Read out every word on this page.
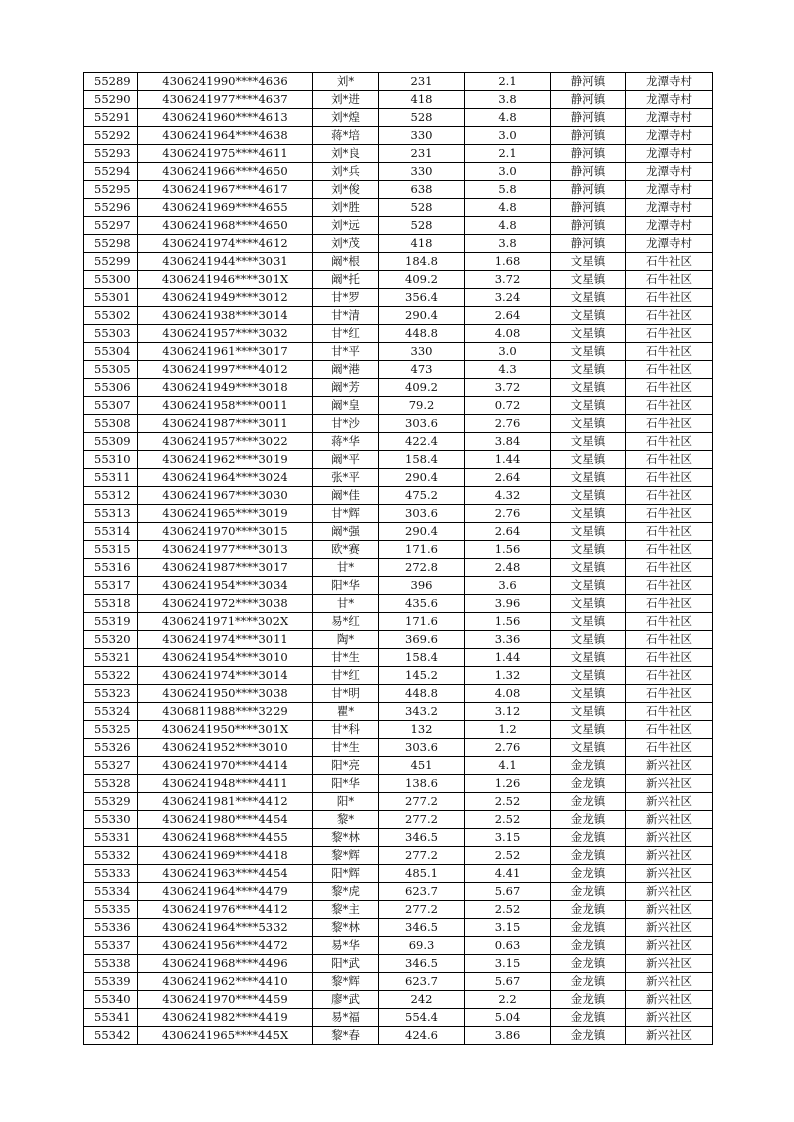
55289	4306241990****4636	刘*	231	2.1	静河镇	龙潭寺村
55290	4306241977****4637	刘*进	418	3.8	静河镇	龙潭寺村
55291	4306241960****4613	刘*煌	528	4.8	静河镇	龙潭寺村
55292	4306241964****4638	蒋*培	330	3.0	静河镇	龙潭寺村
55293	4306241975****4611	刘*良	231	2.1	静河镇	龙潭寺村
55294	4306241966****4650	刘*兵	330	3.0	静河镇	龙潭寺村
55295	4306241967****4617	刘*俊	638	5.8	静河镇	龙潭寺村
55296	4306241969****4655	刘*胜	528	4.8	静河镇	龙潭寺村
55297	4306241968****4650	刘*远	528	4.8	静河镇	龙潭寺村
55298	4306241974****4612	刘*茂	418	3.8	静河镇	龙潭寺村
55299	4306241944****3031	阚*根	184.8	1.68	文星镇	石牛社区
55300	4306241946****301X	阚*托	409.2	3.72	文星镇	石牛社区
55301	4306241949****3012	甘*罗	356.4	3.24	文星镇	石牛社区
55302	4306241938****3014	甘*清	290.4	2.64	文星镇	石牛社区
55303	4306241957****3032	甘*红	448.8	4.08	文星镇	石牛社区
55304	4306241961****3017	甘*平	330	3.0	文星镇	石牛社区
55305	4306241997****4012	阚*港	473	4.3	文星镇	石牛社区
55306	4306241949****3018	阚*芳	409.2	3.72	文星镇	石牛社区
55307	4306241958****0011	阚*皇	79.2	0.72	文星镇	石牛社区
55308	4306241987****3011	甘*沙	303.6	2.76	文星镇	石牛社区
55309	4306241957****3022	蒋*华	422.4	3.84	文星镇	石牛社区
55310	4306241962****3019	阚*平	158.4	1.44	文星镇	石牛社区
55311	4306241964****3024	张*平	290.4	2.64	文星镇	石牛社区
55312	4306241967****3030	阚*佳	475.2	4.32	文星镇	石牛社区
55313	4306241965****3019	甘*辉	303.6	2.76	文星镇	石牛社区
55314	4306241970****3015	阚*强	290.4	2.64	文星镇	石牛社区
55315	4306241977****3013	欧*赛	171.6	1.56	文星镇	石牛社区
55316	4306241987****3017	甘*	272.8	2.48	文星镇	石牛社区
55317	4306241954****3034	阳*华	396	3.6	文星镇	石牛社区
55318	4306241972****3038	甘*	435.6	3.96	文星镇	石牛社区
55319	4306241971****302X	易*红	171.6	1.56	文星镇	石牛社区
55320	4306241974****3011	陶*	369.6	3.36	文星镇	石牛社区
55321	4306241954****3010	甘*生	158.4	1.44	文星镇	石牛社区
55322	4306241974****3014	甘*红	145.2	1.32	文星镇	石牛社区
55323	4306241950****3038	甘*明	448.8	4.08	文星镇	石牛社区
55324	4306811988****3229	瞿*	343.2	3.12	文星镇	石牛社区
55325	4306241950****301X	甘*科	132	1.2	文星镇	石牛社区
55326	4306241952****3010	甘*生	303.6	2.76	文星镇	石牛社区
55327	4306241970****4414	阳*亮	451	4.1	金龙镇	新兴社区
55328	4306241948****4411	阳*华	138.6	1.26	金龙镇	新兴社区
55329	4306241981****4412	阳*	277.2	2.52	金龙镇	新兴社区
55330	4306241980****4454	黎*	277.2	2.52	金龙镇	新兴社区
55331	4306241968****4455	黎*林	346.5	3.15	金龙镇	新兴社区
55332	4306241969****4418	黎*辉	277.2	2.52	金龙镇	新兴社区
55333	4306241963****4454	阳*辉	485.1	4.41	金龙镇	新兴社区
55334	4306241964****4479	黎*虎	623.7	5.67	金龙镇	新兴社区
55335	4306241976****4412	黎*主	277.2	2.52	金龙镇	新兴社区
55336	4306241964****5332	黎*林	346.5	3.15	金龙镇	新兴社区
55337	4306241956****4472	易*华	69.3	0.63	金龙镇	新兴社区
55338	4306241968****4496	阳*武	346.5	3.15	金龙镇	新兴社区
55339	4306241962****4410	黎*辉	623.7	5.67	金龙镇	新兴社区
55340	4306241970****4459	廖*武	242	2.2	金龙镇	新兴社区
55341	4306241982****4419	易*福	554.4	5.04	金龙镇	新兴社区
55342	4306241965****445X	黎*春	424.6	3.86	金龙镇	新兴社区
